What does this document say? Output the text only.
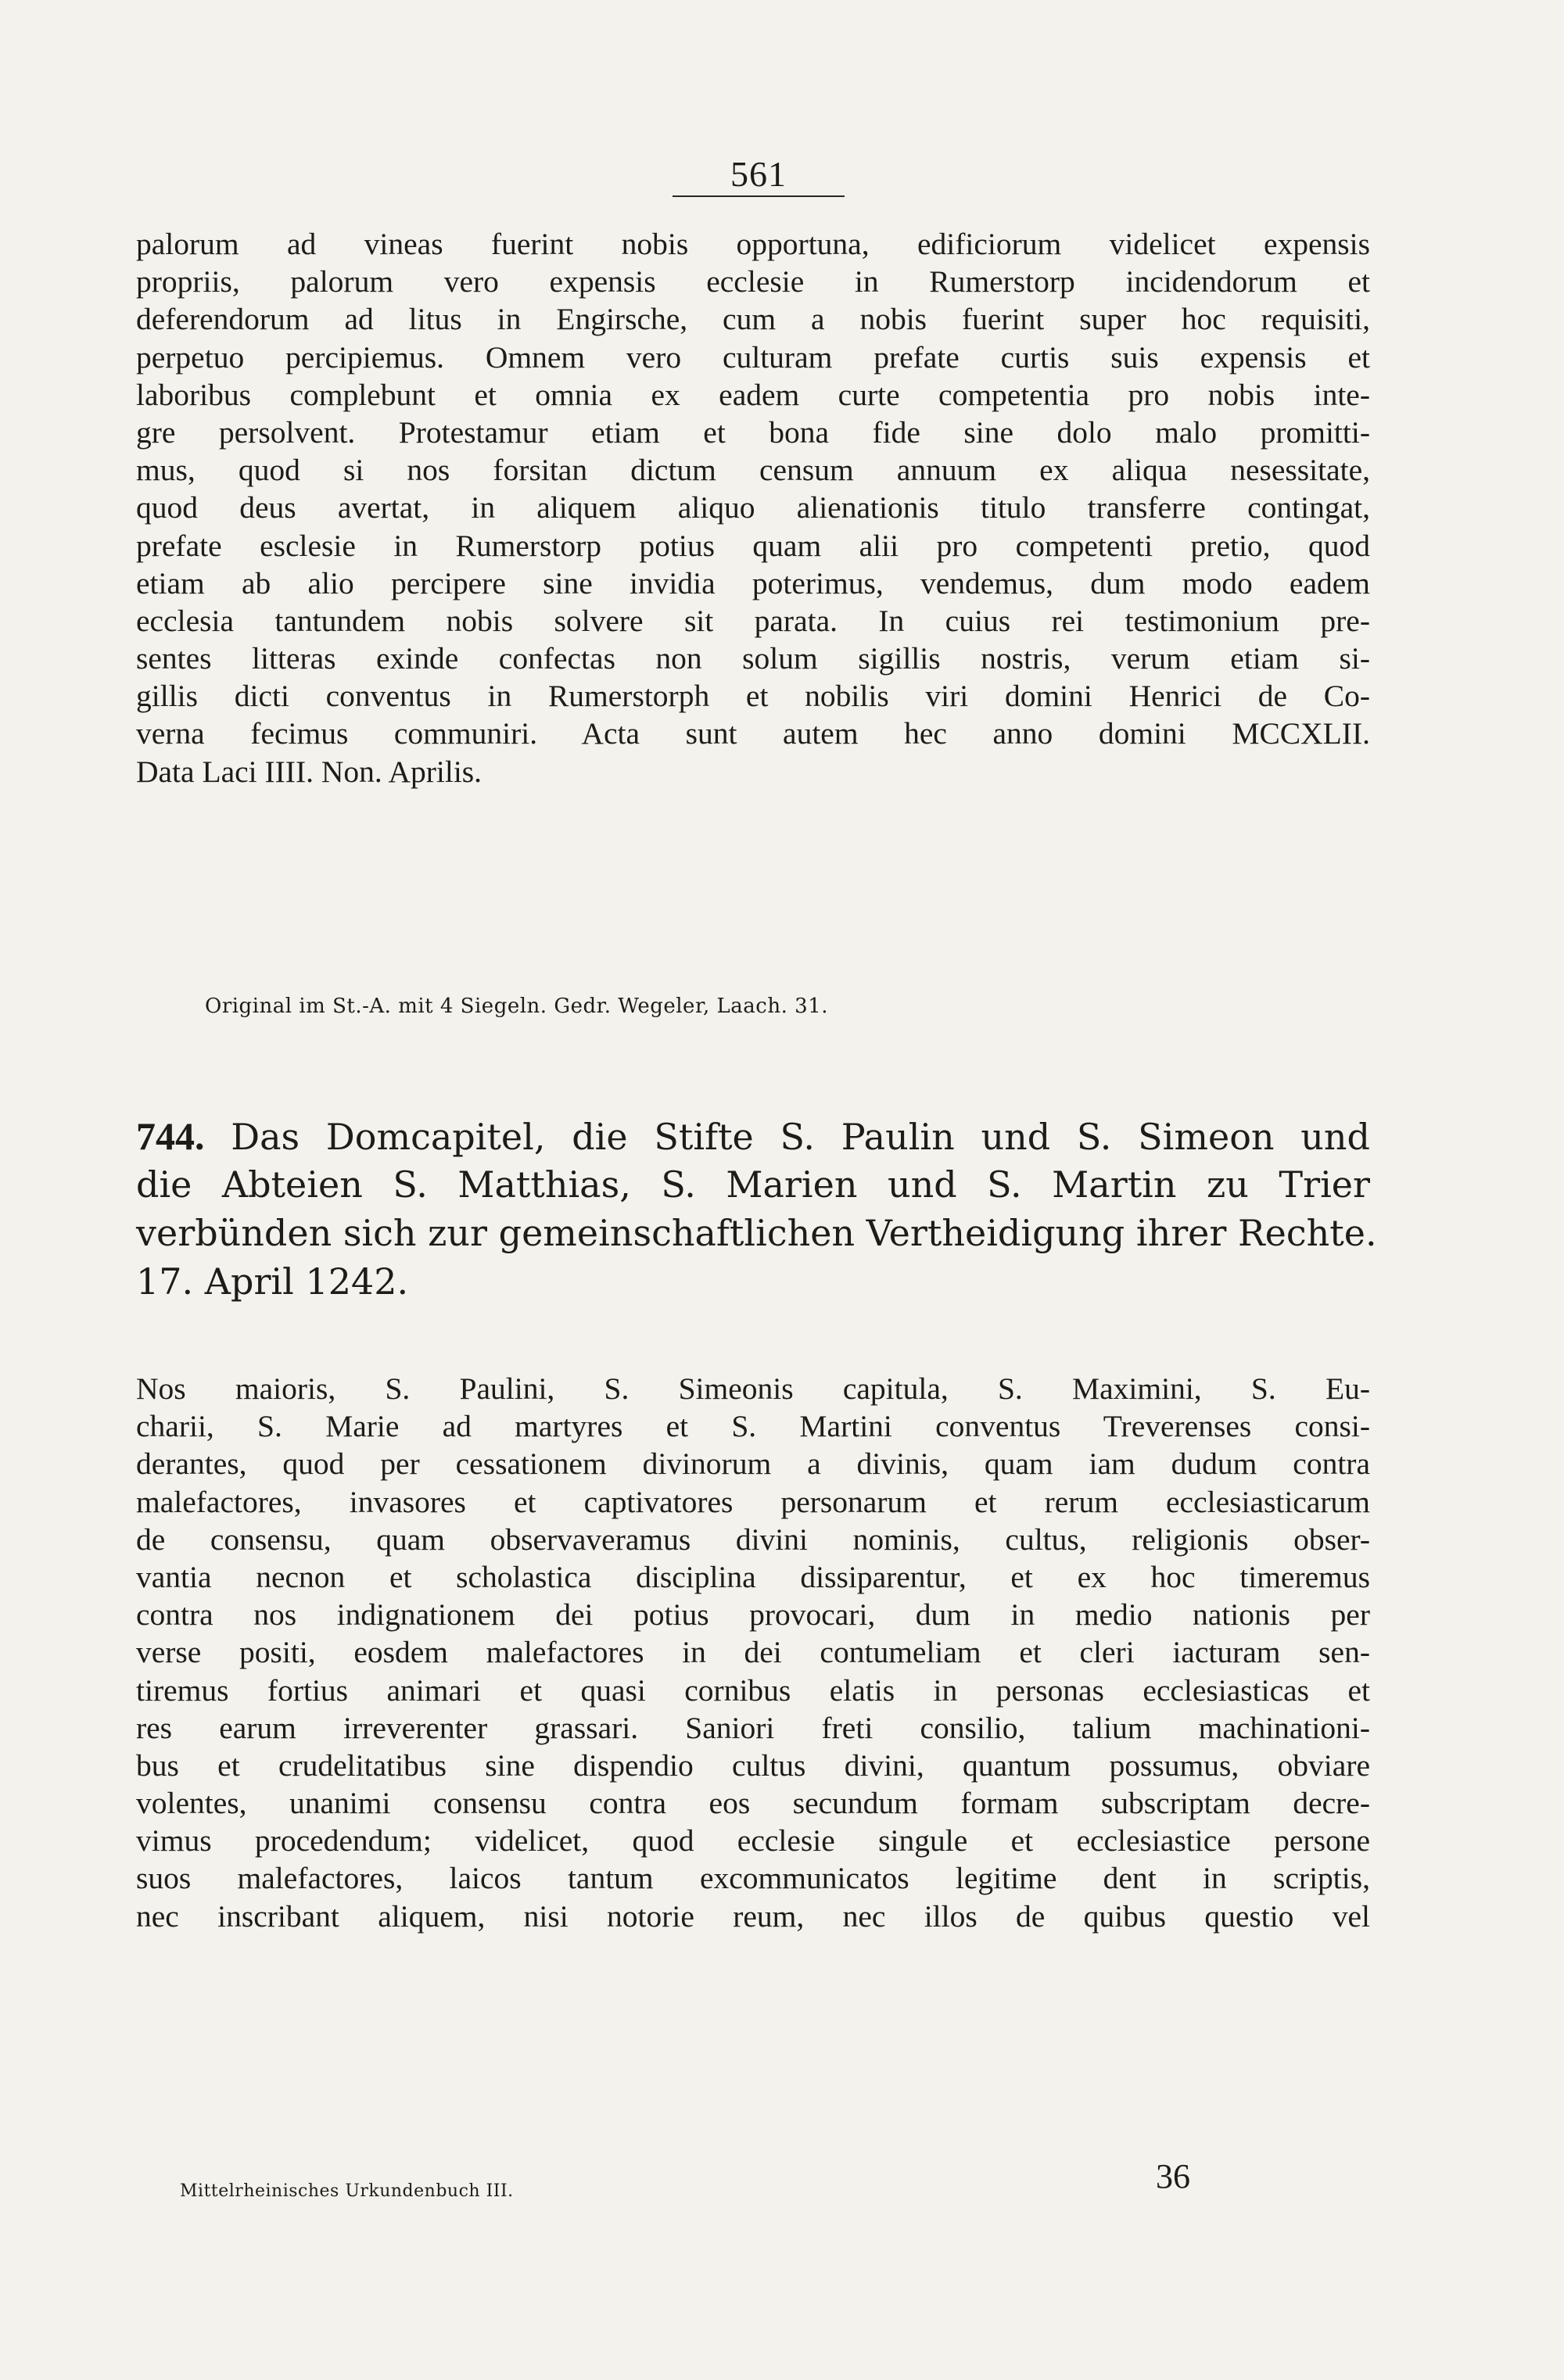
561
palorum ad vineas fuerint nobis opportuna, edificiorum videlicet expensis
propriis, palorum vero expensis ecclesie in Rumerstorp incidendorum et
deferendorum ad litus in Engirsche, cum a nobis fuerint super hoc requisiti,
perpetuo percipiemus. Omnem vero culturam prefate curtis suis expensis et
laboribus complebunt et omnia ex eadem curte competentia pro nobis inte-
gre persolvent. Protestamur etiam et bona fide sine dolo malo promitti-
mus, quod si nos forsitan dictum censum annuum ex aliqua nesessitate,
quod deus avertat, in aliquem aliquo alienationis titulo transferre contingat,
prefate esclesie in Rumerstorp potius quam alii pro competenti pretio, quod
etiam ab alio percipere sine invidia poterimus, vendemus, dum modo eadem
ecclesia tantundem nobis solvere sit parata. In cuius rei testimonium pre-
sentes litteras exinde confectas non solum sigillis nostris, verum etiam si-
gillis dicti conventus in Rumerstorph et nobilis viri domini Henrici de Co-
verna fecimus communiri. Acta sunt autem hec anno domini MCCXLII.
Data Laci IIII. Non. Aprilis.
Original im St.-A. mit 4 Siegeln. Gedr. Wegeler, Laach. 31.
744. Das Domcapitel, die Stifte S. Paulin und S. Simeon und
die Abteien S. Matthias, S. Marien und S. Martin zu Trier
verbünden sich zur gemeinschaftlichen Vertheidigung ihrer Rechte.
17. April 1242.
Nos maioris, S. Paulini, S. Simeonis capitula, S. Maximini, S. Eu-
charii, S. Marie ad martyres et S. Martini conventus Treverenses consi-
derantes, quod per cessationem divinorum a divinis, quam iam dudum contra
malefactores, invasores et captivatores personarum et rerum ecclesiasticarum
de consensu, quam observaveramus divini nominis, cultus, religionis obser-
vantia necnon et scholastica disciplina dissiparentur, et ex hoc timeremus
contra nos indignationem dei potius provocari, dum in medio nationis per
verse positi, eosdem malefactores in dei contumeliam et cleri iacturam sen-
tiremus fortius animari et quasi cornibus elatis in personas ecclesiasticas et
res earum irreverenter grassari. Saniori freti consilio, talium machinationi-
bus et crudelitatibus sine dispendio cultus divini, quantum possumus, obviare
volentes, unanimi consensu contra eos secundum formam subscriptam decre-
vimus procedendum; videlicet, quod ecclesie singule et ecclesiastice persone
suos malefactores, laicos tantum excommunicatos legitime dent in scriptis,
nec inscribant aliquem, nisi notorie reum, nec illos de quibus questio vel
Mittelrheinisches Urkundenbuch III.	36
